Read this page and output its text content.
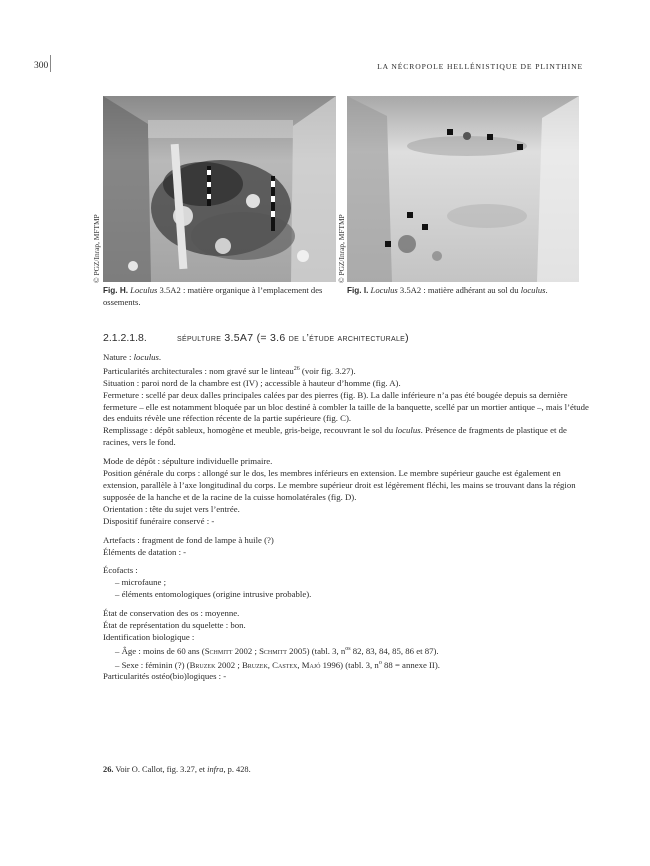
300	LA NÉCROPOLE HELLÉNISTIQUE DE PLINTHINE
© PGZ/Inrap, MFTMP	© PGZ/Inrap, MFTMP
Fig. H. Loculus 3.5A2 : matière organique à l’emplacement des ossements.
Fig. I. Loculus 3.5A2 : matière adhérant au sol du loculus.
2.1.2.1.8.	sépulture 3.5A7 (= 3.6 de l’étude architecturale)

Nature : loculus.

Particularités architecturales : nom gravé sur le linteau$^{26}$ (voir fig. 3.27).

Situation : paroi nord de la chambre est (IV) ; accessible à hauteur d’homme (fig. A).

Fermeture : scellé par deux dalles principales calées par des pierres (fig. B). La dalle inférieure n’a pas été bougée depuis sa dernière fermeture – elle est notamment bloquée par un bloc destiné à combler la taille de la banquette, scellé par un mortier antique –, mais l’étude des enduits révèle une réfection récente de la partie supérieure (fig. C).

Remplissage : dépôt sableux, homogène et meuble, gris-beige, recouvrant le sol du loculus. Présence de fragments de plastique et de racines, vers le fond.

Mode de dépôt : sépulture individuelle primaire.

Position générale du corps : allongé sur le dos, les membres inférieurs en extension. Le membre supérieur gauche est également en extension, parallèle à l’axe longitudinal du corps. Le membre supérieur droit est légèrement fléchi, les mains se trouvant dans la région supposée de la hanche et de la racine de la cuisse homolatérales (fig. D).

Orientation : tête du sujet vers l’entrée.

Dispositif funéraire conservé : -

Artefacts : fragment de fond de lampe à huile (?)

Éléments de datation : -

Écofacts :

– microfaune ;

– éléments entomologiques (origine intrusive probable).

État de conservation des os : moyenne.

État de représentation du squelette : bon.

Identification biologique :

– Âge : moins de 60 ans (Schmitt 2002 ; Schmitt 2005) (tabl. 3, $n^{os}$ 82, 83, 84, 85, 86 et 87).

– Sexe : féminin (?) (Bruzek 2002 ; Bruzek, Castex, Majó 1996) (tabl. 3, $n^o$ 88 = annexe II).

Particularités ostéo(bio)logiques : -

26. Voir O. Callot, fig. 3.27, et infra, p. 428.
